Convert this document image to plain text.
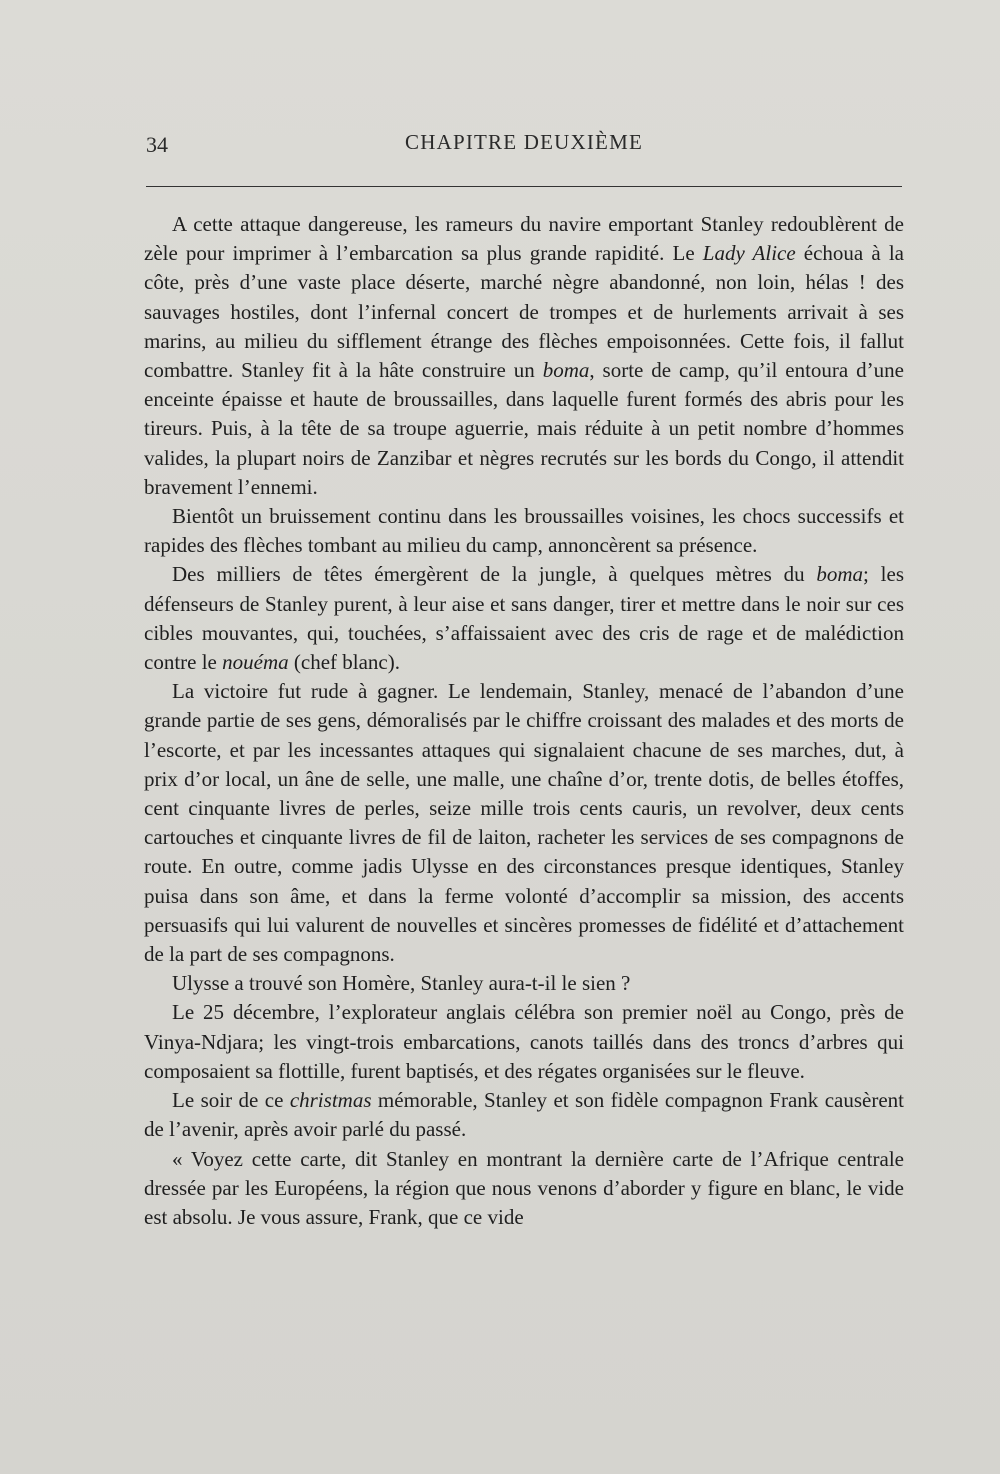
34	CHAPITRE DEUXIÈME

A cette attaque dangereuse, les rameurs du navire emportant Stanley redoublèrent de zèle pour imprimer à l’embarcation sa plus grande rapidité. Le Lady Alice échoua à la côte, près d’une vaste place déserte, marché nègre abandonné, non loin, hélas ! des sauvages hostiles, dont l’infernal concert de trompes et de hurlements arrivait à ses marins, au milieu du sifflement étrange des flèches empoisonnées. Cette fois, il fallut combattre. Stanley fit à la hâte construire un boma, sorte de camp, qu’il entoura d’une enceinte épaisse et haute de broussailles, dans laquelle furent formés des abris pour les tireurs. Puis, à la tête de sa troupe aguerrie, mais réduite à un petit nombre d’hommes valides, la plupart noirs de Zanzibar et nègres recrutés sur les bords du Congo, il attendit bravement l’ennemi.

Bientôt un bruissement continu dans les broussailles voisines, les chocs successifs et rapides des flèches tombant au milieu du camp, annoncèrent sa présence.

Des milliers de têtes émergèrent de la jungle, à quelques mètres du boma; les défenseurs de Stanley purent, à leur aise et sans danger, tirer et mettre dans le noir sur ces cibles mouvantes, qui, touchées, s’affaissaient avec des cris de rage et de malédiction contre le nouéma (chef blanc).

La victoire fut rude à gagner. Le lendemain, Stanley, menacé de l’abandon d’une grande partie de ses gens, démoralisés par le chiffre croissant des malades et des morts de l’escorte, et par les incessantes attaques qui signalaient chacune de ses marches, dut, à prix d’or local, un âne de selle, une malle, une chaîne d’or, trente dotis, de belles étoffes, cent cinquante livres de perles, seize mille trois cents cauris, un revolver, deux cents cartouches et cinquante livres de fil de laiton, racheter les services de ses compagnons de route. En outre, comme jadis Ulysse en des circonstances presque identiques, Stanley puisa dans son âme, et dans la ferme volonté d’accomplir sa mission, des accents persuasifs qui lui valurent de nouvelles et sincères promesses de fidélité et d’attachement de la part de ses compagnons.

Ulysse a trouvé son Homère, Stanley aura-t-il le sien ?

Le 25 décembre, l’explorateur anglais célébra son premier noël au Congo, près de Vinya-Ndjara; les vingt-trois embarcations, canots taillés dans des troncs d’arbres qui composaient sa flottille, furent baptisés, et des régates organisées sur le fleuve.

Le soir de ce christmas mémorable, Stanley et son fidèle compagnon Frank causèrent de l’avenir, après avoir parlé du passé.

« Voyez cette carte, dit Stanley en montrant la dernière carte de l’Afrique centrale dressée par les Européens, la région que nous venons d’aborder y figure en blanc, le vide est absolu. Je vous assure, Frank, que ce vide
